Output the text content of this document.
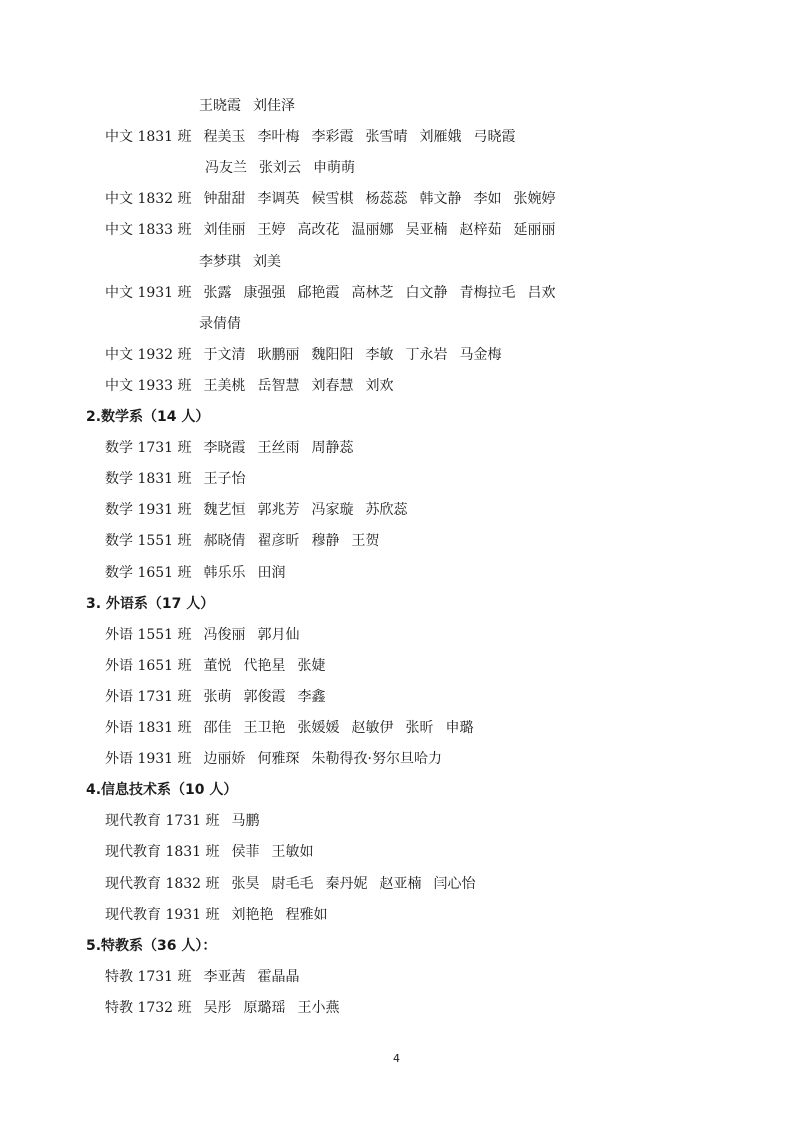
王晓霞 刘佳泽
中文 1831 班 程美玉 李叶梅 李彩霞 张雪晴 刘雁娥 弓晓霞
冯友兰 张刘云 申萌萌
中文 1832 班 钟甜甜 李调英 候雪棋 杨蕊蕊 韩文静 李如 张婉婷
中文 1833 班 刘佳丽 王婷 高改花 温丽娜 吴亚楠 赵梓茹 延丽丽
李梦琪 刘美
中文 1931 班 张露 康强强 郈艳霞 高林芝 白文静 青梅拉毛 吕欢
录倩倩
中文 1932 班 于文清 耿鹏丽 魏阳阳 李敏 丁永岩 马金梅
中文 1933 班 王美桃 岳智慧 刘春慧 刘欢
2.数学系（14 人）
数学 1731 班 李晓霞 王丝雨 周静蕊
数学 1831 班 王子怡
数学 1931 班 魏艺恒 郭兆芳 冯家璇 苏欣蕊
数学 1551 班 郝晓倩 翟彦昕 穆静 王贺
数学 1651 班 韩乐乐 田润
3. 外语系（17 人）
外语 1551 班 冯俊丽 郭月仙
外语 1651 班 董悦 代艳星 张婕
外语 1731 班 张萌 郭俊霞 李鑫
外语 1831 班 邵佳 王卫艳 张媛媛 赵敏伊 张昕 申璐
外语 1931 班 边丽娇 何雅琛 朱勒得孜·努尔旦哈力
4.信息技术系（10 人）
现代教育 1731 班 马鹏
现代教育 1831 班 侯菲 王敏如
现代教育 1832 班 张昊 尉毛毛 秦丹妮 赵亚楠 闫心怡
现代教育 1931 班 刘艳艳 程雅如
5.特教系（36 人）：
特教 1731 班 李亚茜 霍晶晶
特教 1732 班 吴彤 原璐瑶 王小燕
4
